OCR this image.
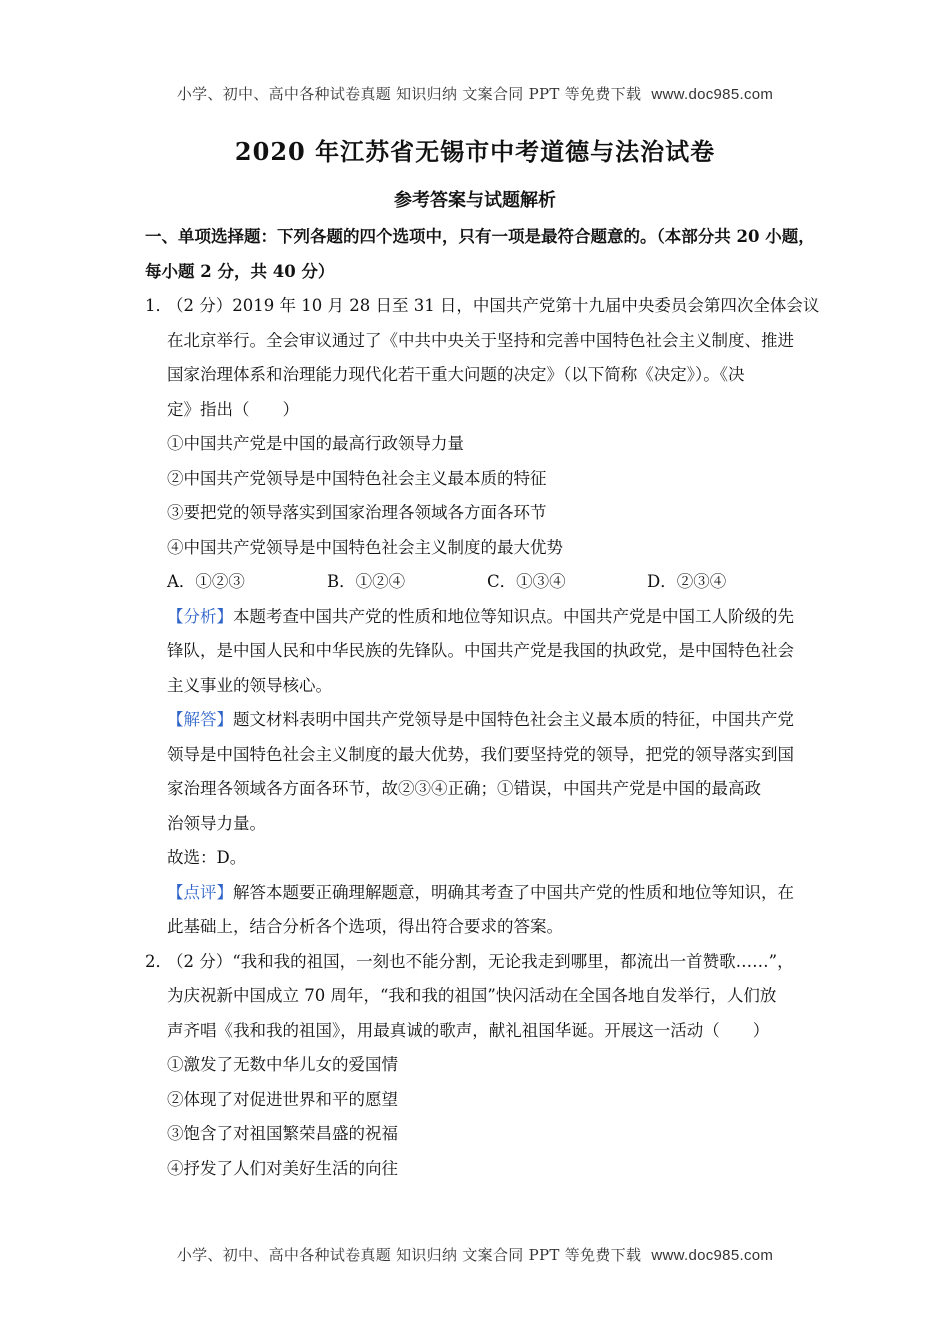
小学、初中、高中各种试卷真题 知识归纳 文案合同 PPT 等免费下载 www.doc985.com
2020 年江苏省无锡市中考道德与法治试卷
参考答案与试题解析
一、单项选择题：下列各题的四个选项中，只有一项是最符合题意的。（本部分共 20 小题，
每小题 2 分，共 40 分）
1．
（2 分）2019 年 10 月 28 日至 31 日，中国共产党第十九届中央委员会第四次全体会议
在北京举行。全会审议通过了《中共中央关于坚持和完善中国特色社会主义制度、推进
国家治理体系和治理能力现代化若干重大问题的决定》（以下简称《决定》）。《决
定》指出（　　）
①中国共产党是中国的最高行政领导力量
②中国共产党领导是中国特色社会主义最本质的特征
③要把党的领导落实到国家治理各领域各方面各环节
④中国共产党领导是中国特色社会主义制度的最大优势
A．①②③	B．①②④	C．①③④	D．②③④
【分析】本题考查中国共产党的性质和地位等知识点。中国共产党是中国工人阶级的先
锋队，是中国人民和中华民族的先锋队。中国共产党是我国的执政党，是中国特色社会
主义事业的领导核心。
【解答】题文材料表明中国共产党领导是中国特色社会主义最本质的特征，中国共产党
领导是中国特色社会主义制度的最大优势，我们要坚持党的领导，把党的领导落实到国
家治理各领域各方面各环节，故②③④正确；①错误，中国共产党是中国的最高政
治领导力量。
故选：D。
【点评】解答本题要正确理解题意，明确其考查了中国共产党的性质和地位等知识，在
此基础上，结合分析各个选项，得出符合要求的答案。
2．
（2 分）“我和我的祖国，一刻也不能分割，无论我走到哪里，都流出一首赞歌……”，
为庆祝新中国成立 70 周年，“我和我的祖国”快闪活动在全国各地自发举行，人们放
声齐唱《我和我的祖国》，用最真诚的歌声，献礼祖国华诞。开展这一活动（　　）
①激发了无数中华儿女的爱国情
②体现了对促进世界和平的愿望
③饱含了对祖国繁荣昌盛的祝福
④抒发了人们对美好生活的向往
小学、初中、高中各种试卷真题 知识归纳 文案合同 PPT 等免费下载 www.doc985.com
